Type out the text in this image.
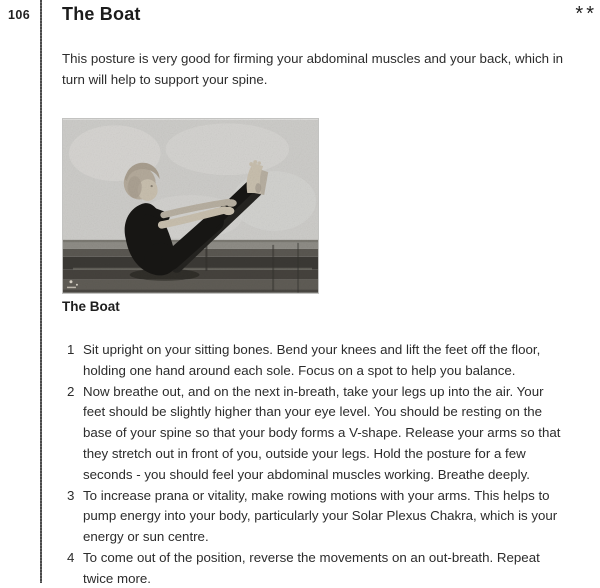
106 The Boat	**

This posture is very good for firming your abdominal muscles and your back, which in turn will help to support your spine.

The Boat
1 Sit upright on your sitting bones. Bend your knees and lift the feet off the floor, holding one hand around each sole. Focus on a spot to help you balance.
2 Now breathe out, and on the next in-breath, take your legs up into the air. Your feet should be slightly higher than your eye level. You should be resting on the base of your spine so that your body forms a V-shape. Release your arms so that they stretch out in front of you, outside your legs. Hold the posture for a few seconds - you should feel your abdominal muscles working. Breathe deeply.
3 To increase prana or vitality, make rowing motions with your arms. This helps to pump energy into your body, particularly your Solar Plexus Chakra, which is your energy or sun centre.
4 To come out of the position, reverse the movements on an out-breath. Repeat twice more.
